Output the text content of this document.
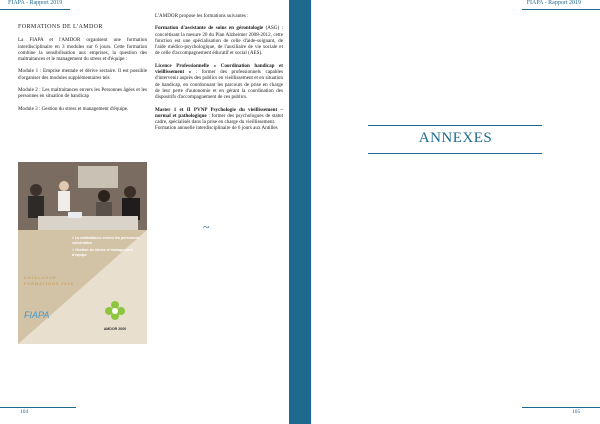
FIAPA - Rapport 2019	FIAPA - Rapport 2019
104	105
FORMATIONS DE L'AMDOR

La FIAPA et l'AMDOR organisent une formation interdisciplinaire en 3 modules sur 6 jours. Cette formation combine la sensibilisation aux emprises, la question des maltraitances et le management du stress et d'équipe :

Module 1 : Emprise mentale et dérive sectaire. Il est possible d'organiser des modules supplémentaires tels

Module 2 : Les maltraitances envers les Personnes âgées et les personnes en situation de handicap

Module 3 : Gestion du stress et management d'équipe.

> La maltraitance envers les personnes vulnérables
> Gestion du stress et management d'équipe
CATALOGUE
FORMATIONS 2019
FIAPA
AMDOR 2000

L'AMDOR propose les formations suivantes :

Formation d'assistante de soins en gérontologie (ASG) : concrétisant la mesure 20 du Plan Alzheimer 2008-2012, cette fonction est une spécialisation de celle d'aide-soignant, de l'aide médico-psychologique, de l'auxiliaire de vie sociale et de celle d'accompagnement éducatif et social (AES).

Licence Professionnelle « Coordination handicap et vieillissement » : former des professionnels capables d'intervenir auprès des publics en vieillissement et en situation de handicap, en coordonnant les parcours de prise en charge de leur perte d'autonomie et en gérant la coordination des dispositifs d'accompagnement de ces publics.

Master 1 et II PVNP Psychologie du vieillissement – normal et pathologique : former des psychologues de statut cadre, spécialisés dans la prise en charge du vieillissement.
Formation annuelle interdisciplinaire de 6 jours aux Antilles

~
ANNEXES
